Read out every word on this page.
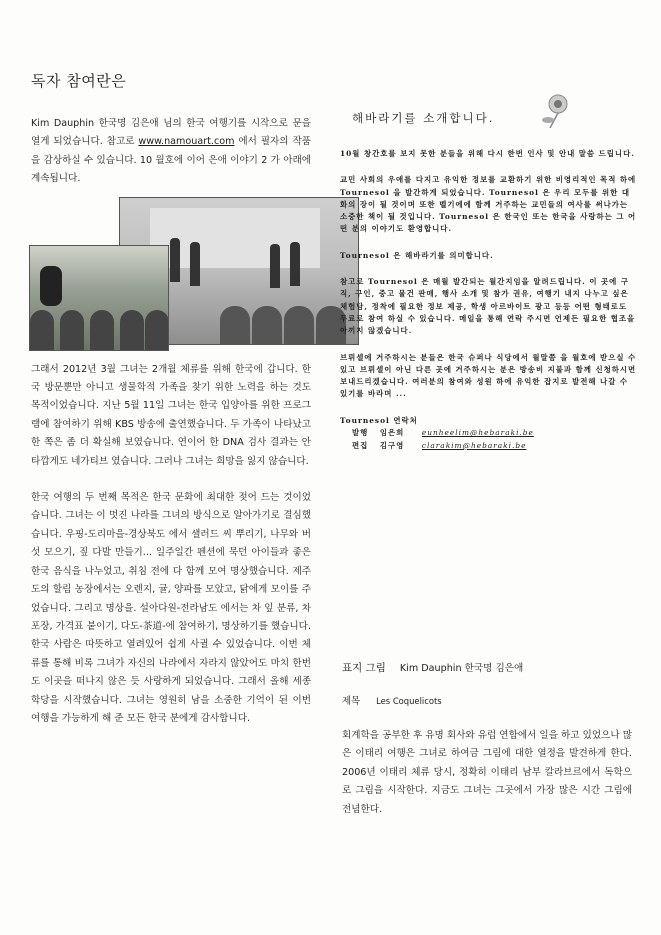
독자 참여란은

Kim Dauphin 한국명 김은애 님의 한국 여행기를 시작으로 문을 열게 되었습니다. 참고로 www.namouart.com 에서 필자의 작품을 감상하실 수 있습니다. 10 월호에 이어 은애 이야기 2 가 아래에 계속됩니다.

그래서 2012년 3월 그녀는 2개월 체류를 위해 한국에 갑니다. 한국 방문뿐만 아니고 생물학적 가족을 찾기 위한 노력을 하는 것도 목적이었습니다. 지난 5월 11일 그녀는 한국 입양아를 위한 프로그램에 참여하기 위해 KBS 방송에 출연했습니다. 두 가족이 나타났고 한 쪽은 좀 더 확실해 보였습니다. 연이어 한 DNA 검사 결과는 안타깝게도 네가티브 였습니다. 그러나 그녀는 희망을 잃지 않습니다.

한국 여행의 두 번째 목적은 한국 문화에 최대한 젖어 드는 것이었습니다. 그녀는 이 멋진 나라를 그녀의 방식으로 알아가기로 결심했습니다. 우핑-도리마을-경상북도 에서 샐러드 씨 뿌리기, 나무와 버섯 모으기, 짚 다발 만들기... 일주일간 펜션에 묵던 아이들과 좋은 한국 음식을 나누었고, 취침 전에 다 함께 모여 명상했습니다. 제주도의 할림 농장에서는 오렌지, 귤, 양파를 모았고, 닭에게 모이를 주었습니다. 그리고 명상을. 설아다원-전라남도 에서는 차 잎 분류, 차 포장, 가격표 붙이기, 다도-茶道-에 참여하기, 명상하기를 했습니다. 한국 사람은 따뜻하고 열려있어 쉽게 사귈 수 있었습니다. 이번 체류를 통해 비록 그녀가 자신의 나라에서 자라지 않았어도 마치 한번도 이곳을 떠나지 않은 듯 사랑하게 되었습니다. 그래서 올해 세종 학당을 시작했습니다. 그녀는 영원히 남을 소중한 기억이 된 이번 여행을 가능하게 해 준 모든 한국 분에게 감사합니다.

해바라기를 소개합니다.

10월 창간호를 보지 못한 분들을 위해 다시 한번 인사 및 안내 말씀 드립니다.

교민 사회의 우애를 다지고 유익한 정보를 교환하기 위한 비영리적인 목적 하에 Tournesol 을 발간하게 되었습니다. Tournesol 은 우리 모두를 위한 대화의 장이 될 것이며 또한 벨기에에 함께 거주하는 교민들의 여사를 써나가는 소중한 책이 될 것입니다. Tournesol 은 한국인 또는 한국을 사랑하는 그 어떤 분의 이야기도 환영합니다.

Tournesol 은 해바라기를 의미합니다.

참고로 Tournesol 은 매월 발간되는 월간지임을 알려드립니다. 이 곳에 구직, 구인, 중고 물건 판매, 행사 소개 및 참가 권유, 여행기 내지 나누고 싶은 체험담, 정착에 필요한 정보 제공, 학생 아르바이트 광고 등등 어떤 형태로도 무료로 참여 하실 수 있습니다. 메일을 통해 연락 주시면 언제든 필요한 협조을 아끼지 않겠습니다.

브뤼셀에 거주하시는 분들은 한국 슈퍼나 식당에서 월말쯤 을 월호에 받으실 수 있고 브뤼셀이 아닌 다른 곳에 거주하시는 분은 방송비 지불과 함께 신청하시면 보내드리겠습니다. 여러분의 참여와 성원 하에 유익한 잡지로 발전해 나갈 수 있기를 바라며 ...

Tournesol 연락처
발행 임은희 eunheelim@hebaraki.be
편집 김구영 clarakim@hebaraki.be
표지 그림 Kim Dauphin 한국명 김은애
제목 Les Coquelicots

회계학을 공부한 후 유명 회사와 유럽 연합에서 일을 하고 있었으나 많은 이태리 여행은 그녀로 하여금 그림에 대한 열정을 발견하게 한다. 2006년 이태리 체류 당시, 정확히 이태리 남부 칼라브르에서 독학으로 그림을 시작한다. 지금도 그녀는 그곳에서 가장 많은 시간 그림에 전념한다.
